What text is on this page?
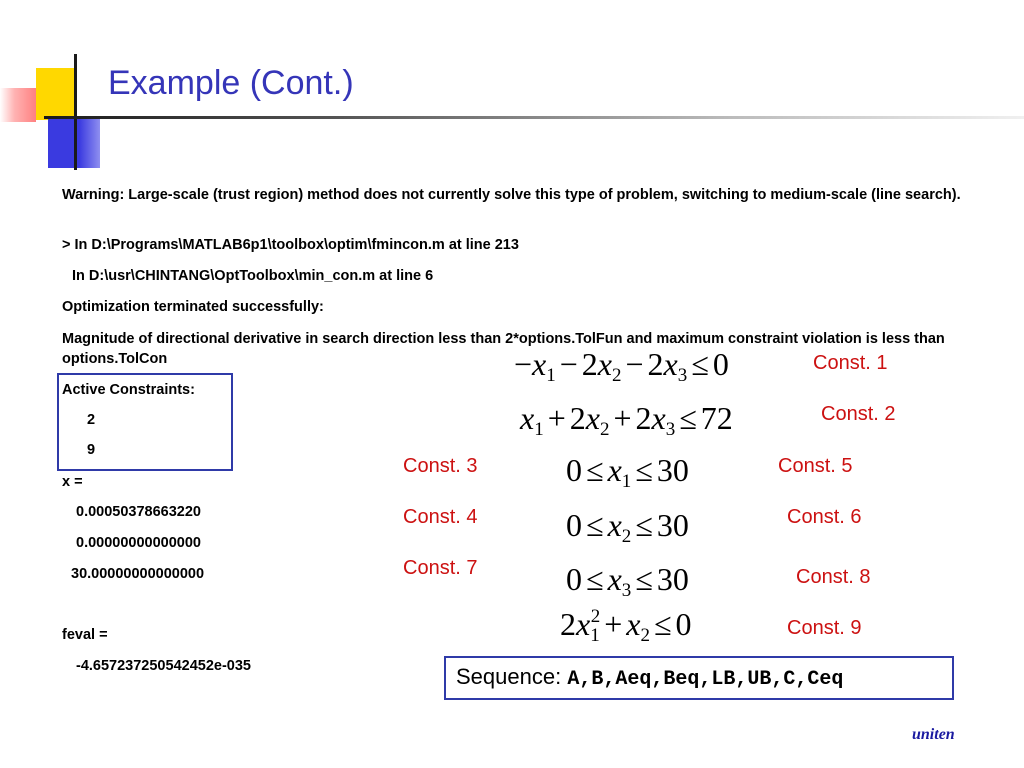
Example (Cont.)
Warning: Large-scale (trust region) method does not currently solve this type of problem, switching to medium-scale (line search).
> In D:\Programs\MATLAB6p1\toolbox\optim\fmincon.m at line 213
In D:\usr\CHINTANG\OptToolbox\min_con.m at line 6
Optimization terminated successfully:
Magnitude of directional derivative in search direction less than 2*options.TolFun and maximum constraint violation is less than options.TolCon
Active Constraints:
2
9
x =
0.00050378663220
0.00000000000000
30.00000000000000
feval =
-4.657237250542452e-035
$-x_1 - 2x_2 - 2x_3 \le 0$
$x_1 + 2x_2 + 2x_3 \le 72$
$0 \le x_1 \le 30$
$0 \le x_2 \le 30$
$0 \le x_3 \le 30$
$2x_1^2 + x_2 \le 0$
Const. 1
Const. 2
Const. 3	Const. 5
Const. 4	Const. 6
Const. 7	Const. 8
Const. 9
Sequence: A,B,Aeq,Beq,LB,UB,C,Ceq
uniten
